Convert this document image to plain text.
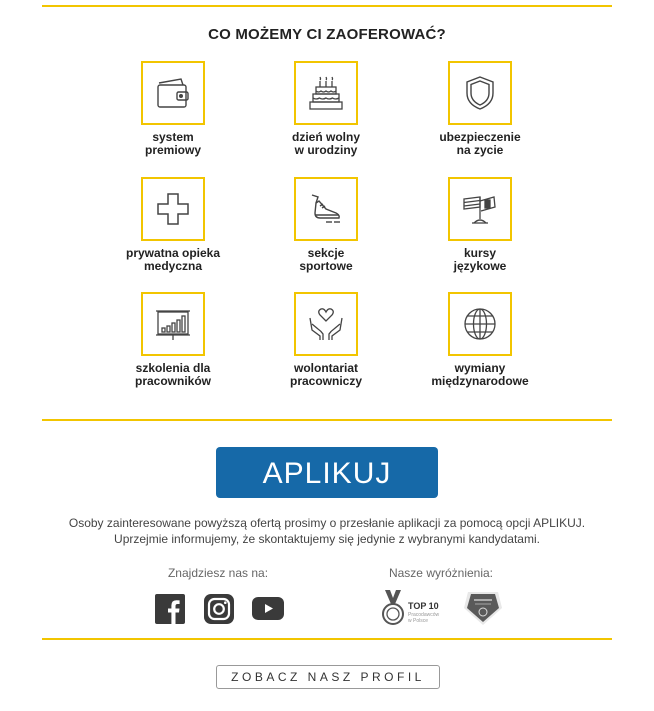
CO MOŻEMY CI ZAOFEROWAĆ?
system
premiowy
dzień wolny
w urodziny
ubezpieczenie
na zycie
prywatna opieka
medyczna
sekcje
sportowe
kursy
językowe
szkolenia dla
pracowników
wolontariat
pracowniczy
wymiany
międzynarodowe
APLIKUJ
Osoby zainteresowane powyższą ofertą prosimy o przesłanie aplikacji za pomocą opcji APLIKUJ.
Uprzejmie informujemy, że skontaktujemy się jedynie z wybranymi kandydatami.
Znajdziesz nas na:	Nasze wyróżnienia:
TOP 10
Pracodawców
w Polsce
ZOBACZ NASZ PROFIL
